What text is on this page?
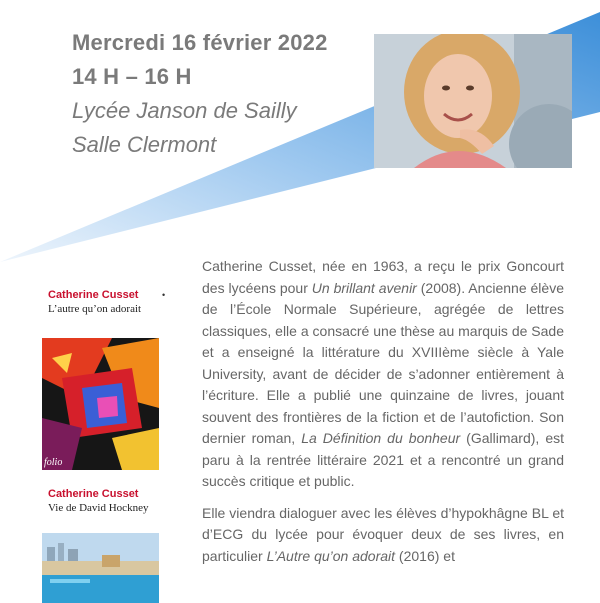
Mercredi 16 février 2022
14 H – 16 H
Lycée Janson de Sailly
Salle Clermont
Catherine Cusset
L’autre qu’on adorait
•
folio
Catherine Cusset
Vie de David Hockney

Catherine Cusset, née en 1963, a reçu le prix Goncourt des lycéens pour Un brillant avenir (2008). Ancienne élève de l’École Normale Supérieure, agrégée de lettres classiques, elle a consacré une thèse au marquis de Sade et a enseigné la littérature du XVIIIème siècle à Yale University, avant de décider de s’adonner entièrement à l’écriture. Elle a publié une quinzaine de livres, jouant souvent des frontières de la fiction et de l’autofiction. Son dernier roman, La Définition du bonheur (Gallimard), est paru à la rentrée littéraire 2021 et a rencontré un grand succès critique et public.

Elle viendra dialoguer avec les élèves d’hypokhâgne BL et d’ECG du lycée pour évoquer deux de ses livres, en particulier L’Autre qu’on adorait (2016) et
